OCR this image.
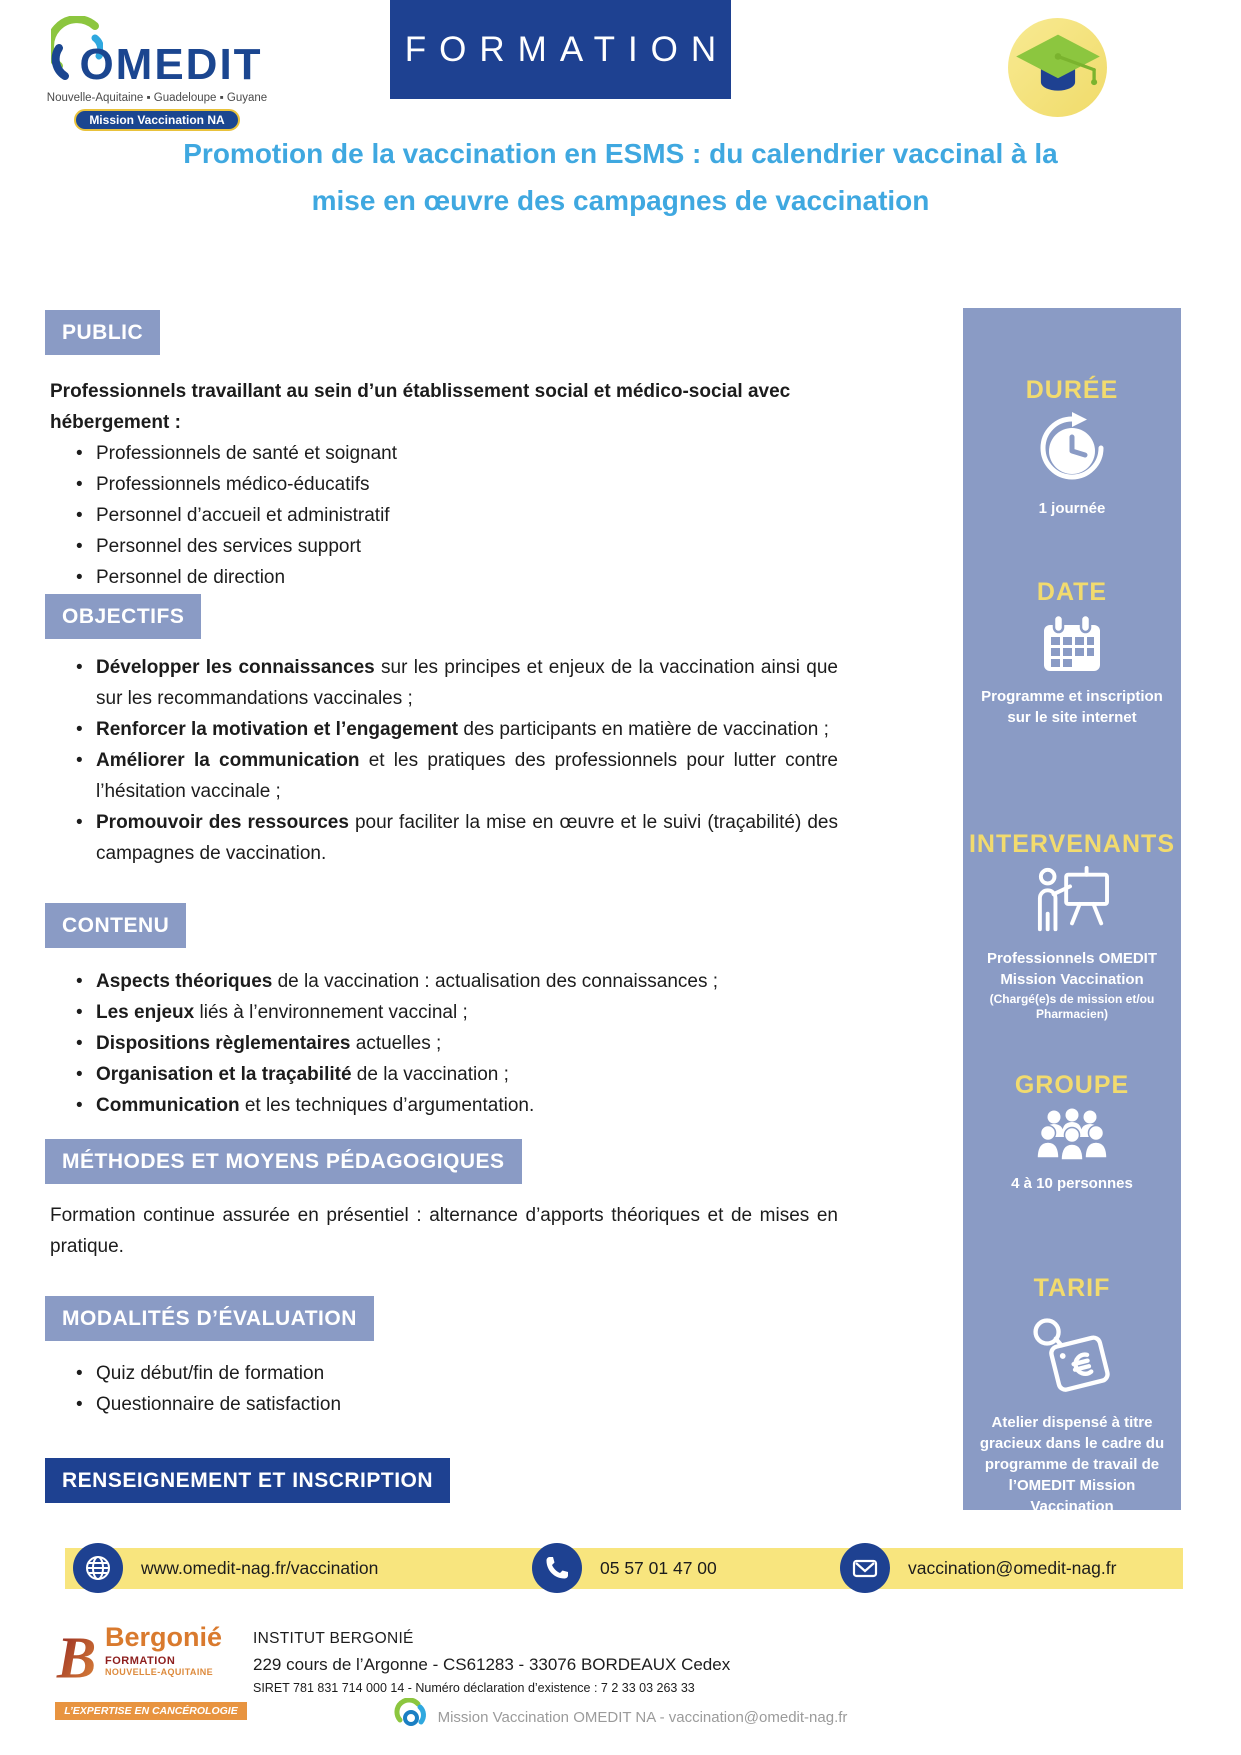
OMEDIT
Nouvelle-Aquitaine ▪ Guadeloupe ▪ Guyane
Mission Vaccination NA
FORMATION
Promotion de la vaccination en ESMS : du calendrier vaccinal à la
mise en œuvre des campagnes de vaccination
PUBLIC
Professionnels travaillant au sein d’un établissement social et médico-social avec hébergement :
• Professionnels de santé et soignant
• Professionnels médico-éducatifs
• Personnel d’accueil et administratif
• Personnel des services support
• Personnel de direction
OBJECTIFS
• Développer les connaissances sur les principes et enjeux de la vaccination ainsi que sur les recommandations vaccinales ;
• Renforcer la motivation et l’engagement des participants en matière de vaccination ;
• Améliorer la communication et les pratiques des professionnels pour lutter contre l’hésitation vaccinale ;
• Promouvoir des ressources pour faciliter la mise en œuvre et le suivi (traçabilité) des campagnes de vaccination.
CONTENU
• Aspects théoriques de la vaccination : actualisation des connaissances ;
• Les enjeux liés à l’environnement vaccinal ;
• Dispositions règlementaires actuelles ;
• Organisation et la traçabilité de la vaccination ;
• Communication et les techniques d’argumentation.
MÉTHODES ET MOYENS PÉDAGOGIQUES

Formation continue assurée en présentiel : alternance d’apports théoriques et de mises en pratique.

MODALITÉS D’ÉVALUATION
• Quiz début/fin de formation
• Questionnaire de satisfaction
RENSEIGNEMENT ET INSCRIPTION
DURÉE
1 journée
DATE
Programme et inscription sur le site internet
INTERVENANTS
Professionnels OMEDIT Mission Vaccination
(Chargé(e)s de mission et/ou Pharmacien)
GROUPE
4 à 10 personnes
TARIF
Atelier dispensé à titre gracieux dans le cadre du programme de travail de l’OMEDIT Mission Vaccination
www.omedit-nag.fr/vaccination	05 57 01 47 00	vaccination@omedit-nag.fr
B Bergonié
FORMATION
NOUVELLE-AQUITAINE
L’EXPERTISE EN CANCÉROLOGIE
INSTITUT BERGONIÉ
229 cours de l’Argonne - CS61283 - 33076 BORDEAUX Cedex
SIRET 781 831 714 000 14 - Numéro déclaration d’existence : 7 2 33 03 263 33
Mission Vaccination OMEDIT NA - vaccination@omedit-nag.fr
